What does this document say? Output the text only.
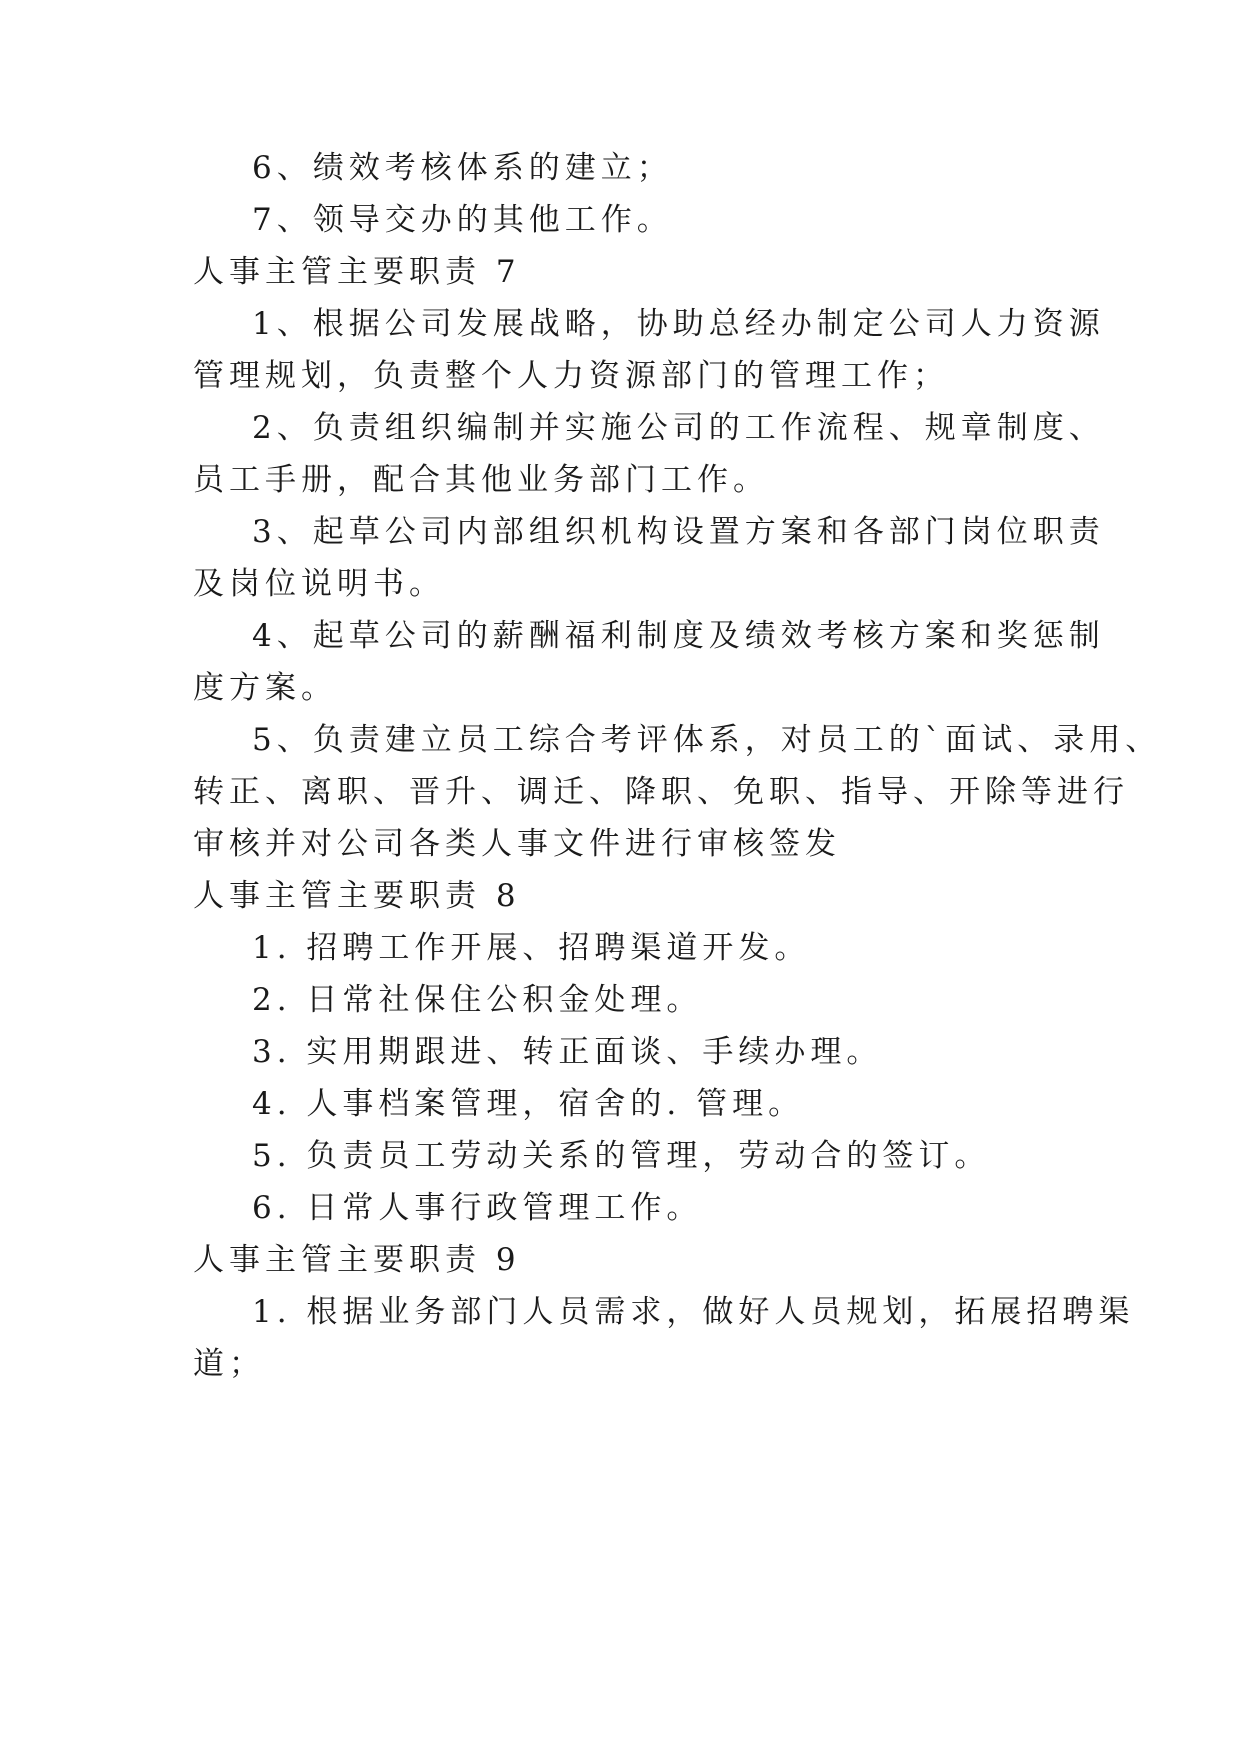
6、绩效考核体系的建立；
7、领导交办的其他工作。
人事主管主要职责 7
1、根据公司发展战略，协助总经办制定公司人力资源
管理规划，负责整个人力资源部门的管理工作；
2、负责组织编制并实施公司的工作流程、规章制度、
员工手册，配合其他业务部门工作。
3、起草公司内部组织机构设置方案和各部门岗位职责
及岗位说明书。
4、起草公司的薪酬福利制度及绩效考核方案和奖惩制
度方案。
5、负责建立员工综合考评体系，对员工的`面试、录用、
转正、离职、晋升、调迁、降职、免职、指导、开除等进行
审核并对公司各类人事文件进行审核签发
人事主管主要职责 8
1. 招聘工作开展、招聘渠道开发。
2. 日常社保住公积金处理。
3. 实用期跟进、转正面谈、手续办理。
4. 人事档案管理，宿舍的. 管理。
5. 负责员工劳动关系的管理，劳动合的签订。
6. 日常人事行政管理工作。
人事主管主要职责 9
1. 根据业务部门人员需求，做好人员规划，拓展招聘渠
道；
